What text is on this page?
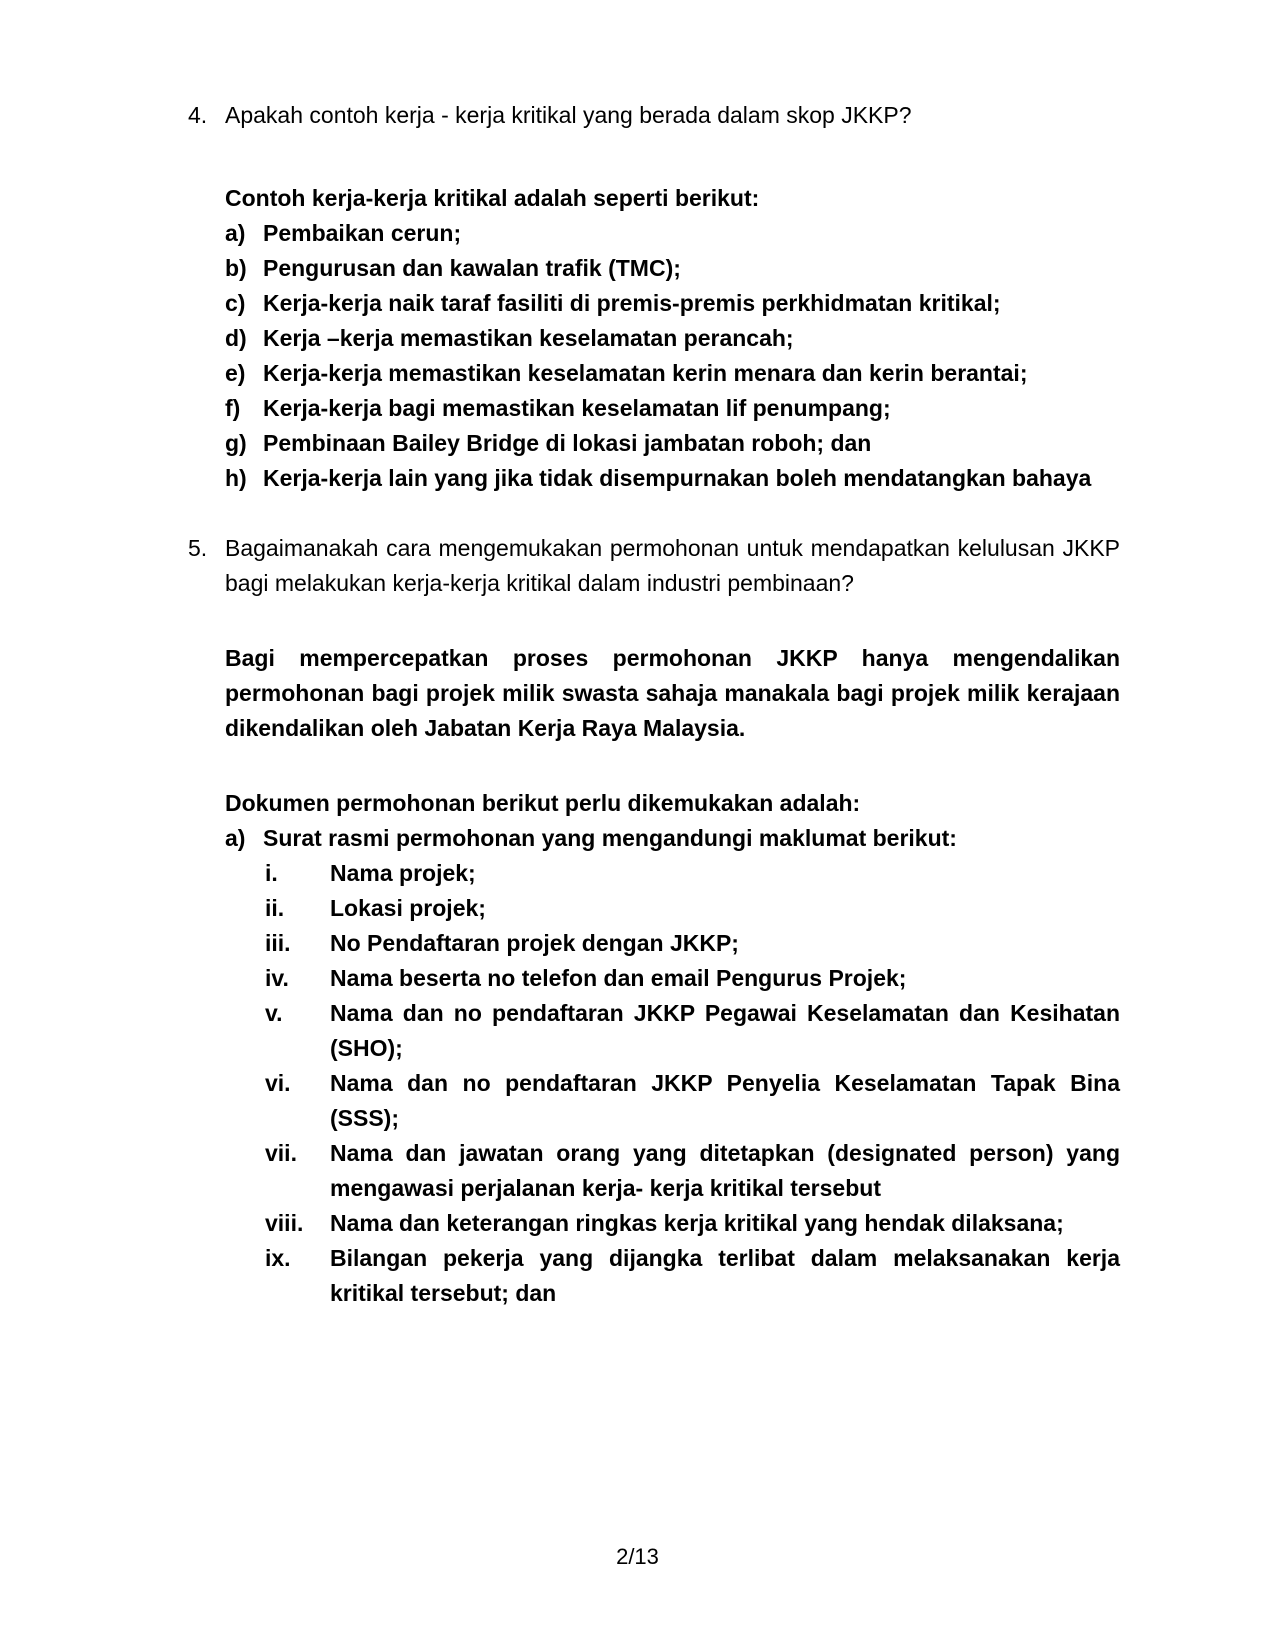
4. Apakah contoh kerja - kerja kritikal yang berada dalam skop JKKP?

Contoh kerja-kerja kritikal adalah seperti berikut:

a) Pembaikan cerun;
b) Pengurusan dan kawalan trafik (TMC);
c) Kerja-kerja naik taraf fasiliti di premis-premis perkhidmatan kritikal;
d) Kerja –kerja memastikan keselamatan perancah;
e) Kerja-kerja memastikan keselamatan kerin menara dan kerin berantai;
f) Kerja-kerja bagi memastikan keselamatan lif penumpang;
g) Pembinaan Bailey Bridge di lokasi jambatan roboh; dan
h) Kerja-kerja lain yang jika tidak disempurnakan boleh mendatangkan bahaya
5. Bagaimanakah cara mengemukakan permohonan untuk mendapatkan kelulusan JKKP bagi melakukan kerja-kerja kritikal dalam industri pembinaan?

Bagi mempercepatkan proses permohonan JKKP hanya mengendalikan permohonan bagi projek milik swasta sahaja manakala bagi projek milik kerajaan dikendalikan oleh Jabatan Kerja Raya Malaysia.

Dokumen permohonan berikut perlu dikemukakan adalah:

a) Surat rasmi permohonan yang mengandungi maklumat berikut:
i.	Nama projek;
ii.	Lokasi projek;
iii.	No Pendaftaran projek dengan JKKP;
iv.	Nama beserta no telefon dan email Pengurus Projek;
v.	Nama dan no pendaftaran JKKP Pegawai Keselamatan dan Kesihatan (SHO);
vi.	Nama dan no pendaftaran JKKP Penyelia Keselamatan Tapak Bina (SSS);
vii.	Nama dan jawatan orang yang ditetapkan (designated person) yang mengawasi perjalanan kerja- kerja kritikal tersebut
viii.	Nama dan keterangan ringkas kerja kritikal yang hendak dilaksana;
ix.	Bilangan pekerja yang dijangka terlibat dalam melaksanakan kerja kritikal tersebut; dan
2/13
